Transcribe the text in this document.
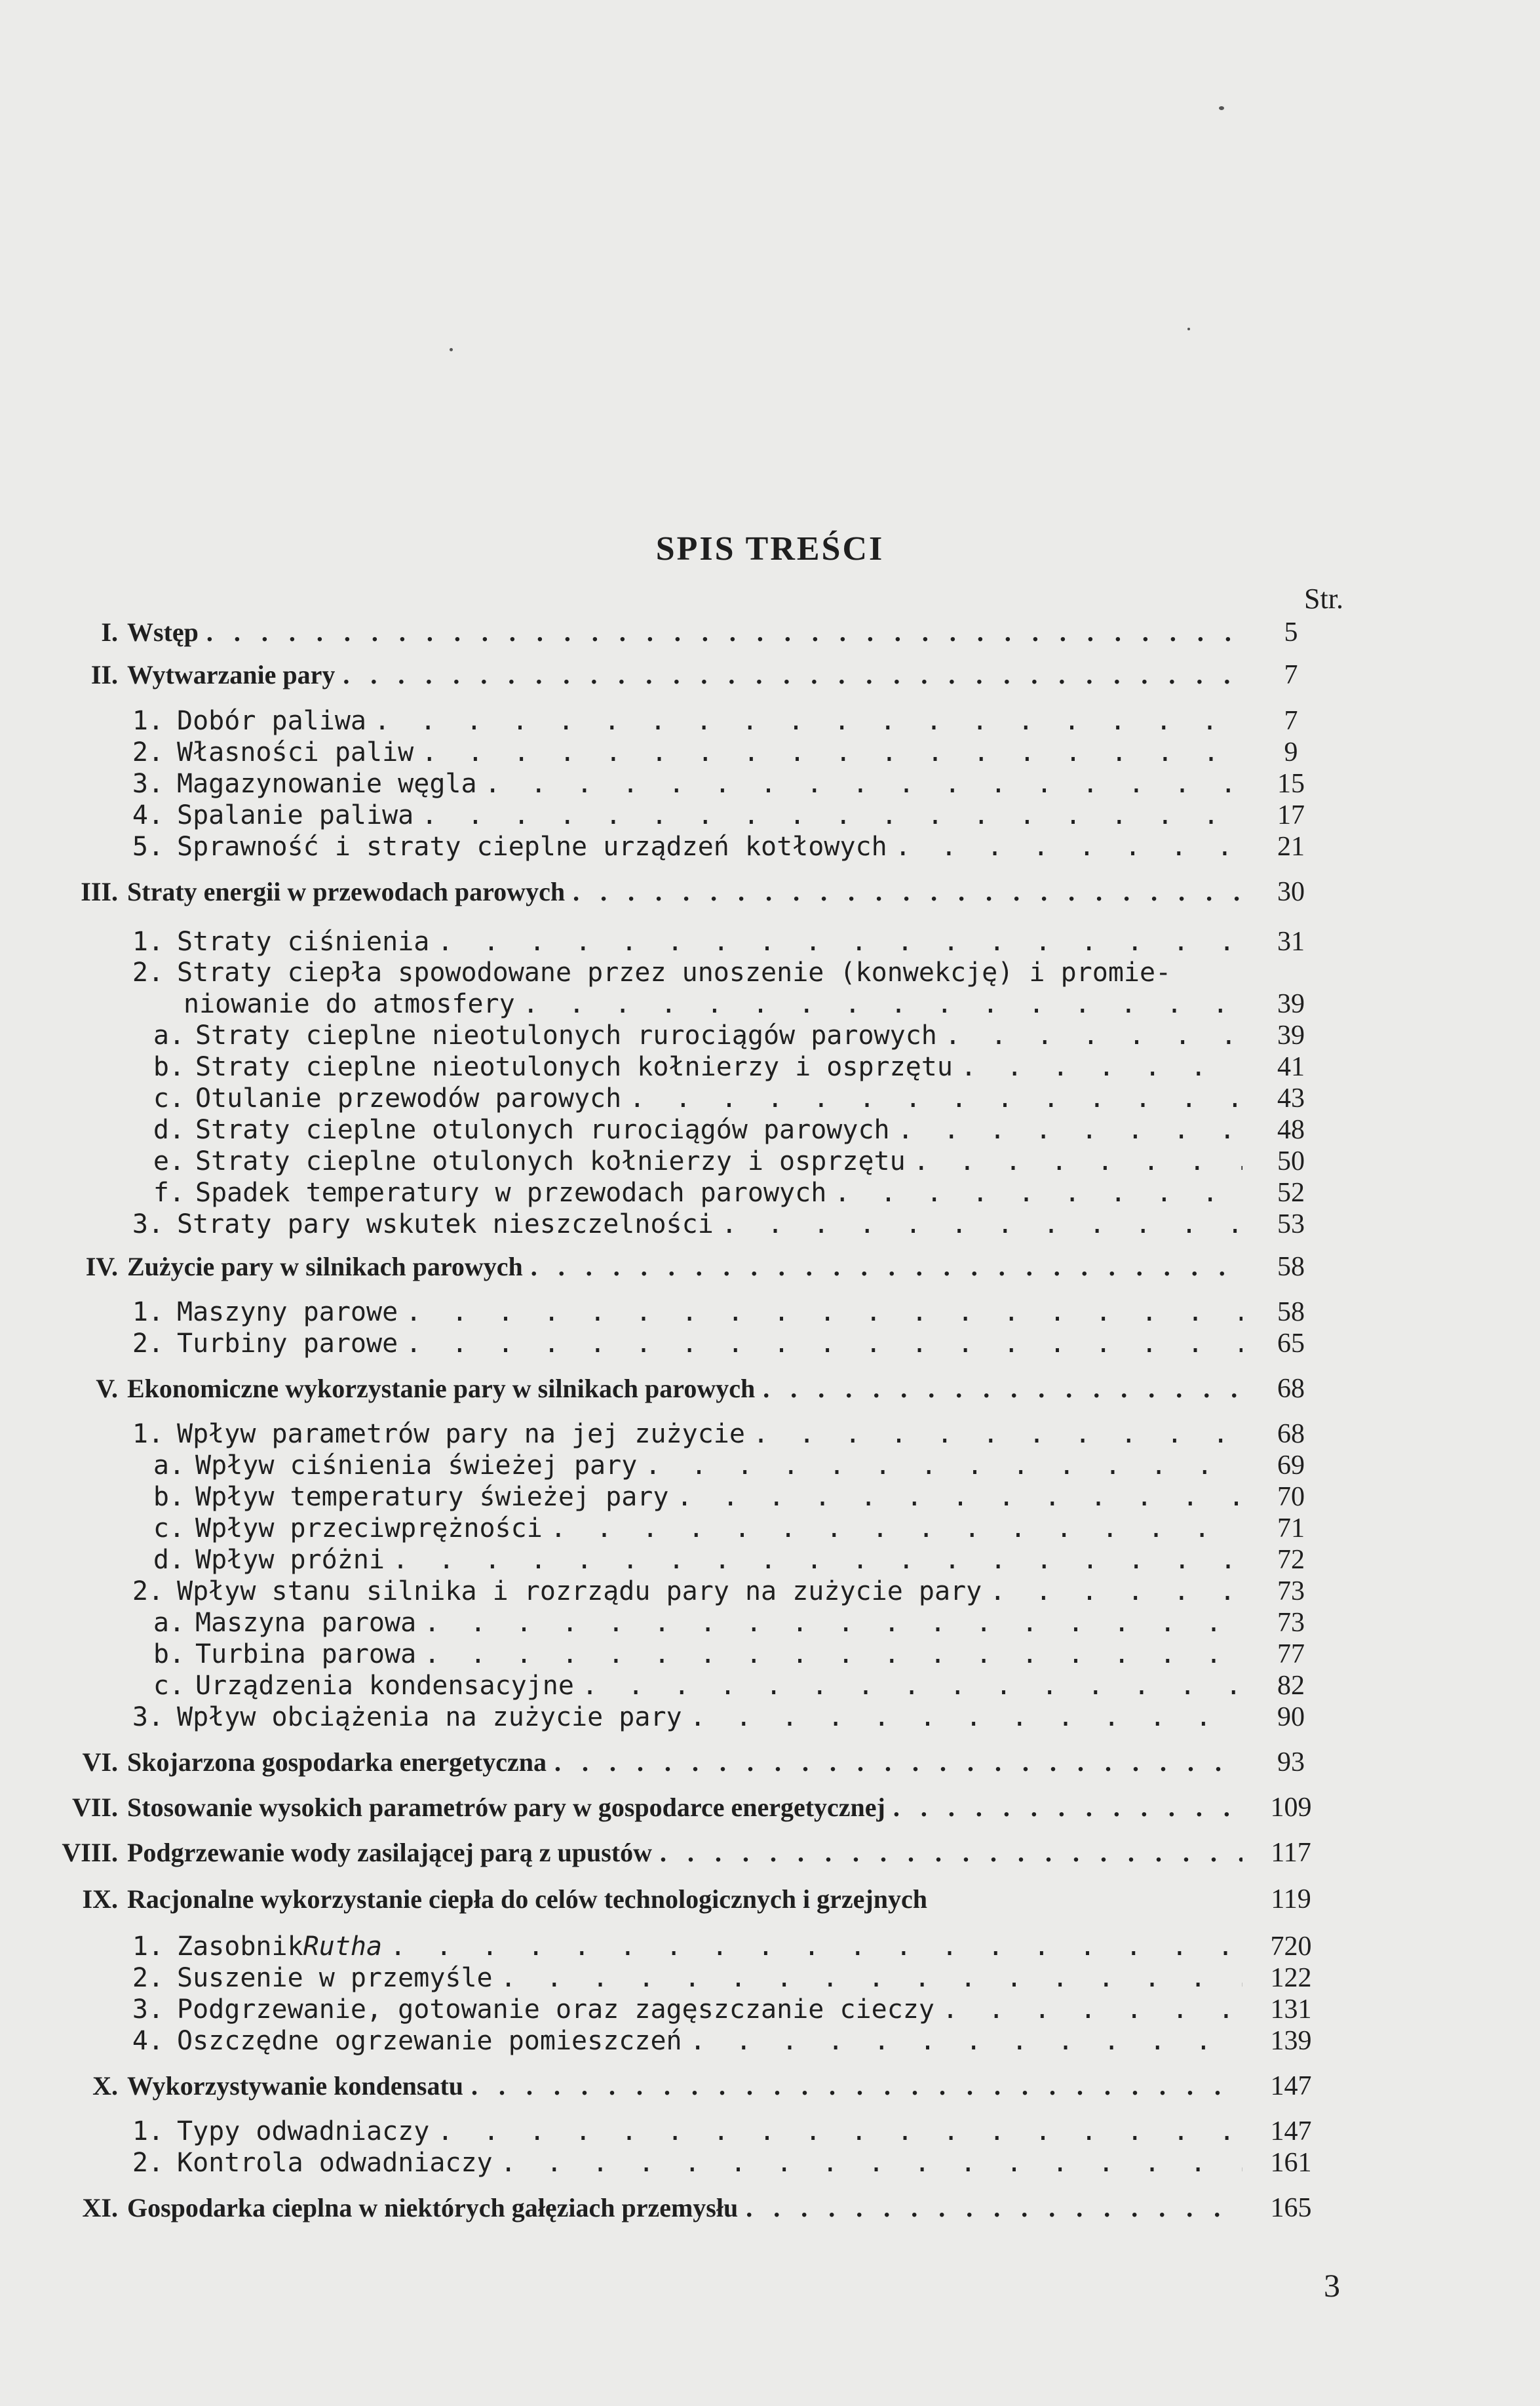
SPIS TREŚCI
Str.
I. Wstęp . . .	5
II. Wytwarzanie pary . . .	7
1. Dobór paliwa . . .	7
2. Własności paliw . . .	9
3. Magazynowanie węgla . . .	15
4. Spalanie paliwa . . .	17
5. Sprawność i straty cieplne urządzeń kotłowych . . .	21
III. Straty energii w przewodach parowych . . .	30
1. Straty ciśnienia . . .	31
2. Straty ciepła spowodowane przez unoszenie (konwekcję) i promie-
niowanie do atmosfery . . .	39
a. Straty cieplne nieotulonych rurociągów parowych . . .	39
b. Straty cieplne nieotulonych kołnierzy i osprzętu . . .	41
c. Otulanie przewodów parowych . . .	43
d. Straty cieplne otulonych rurociągów parowych . . .	48
e. Straty cieplne otulonych kołnierzy i osprzętu . . .	50
f. Spadek temperatury w przewodach parowych . . .	52
3. Straty pary wskutek nieszczelności . . .	53
IV. Zużycie pary w silnikach parowych . . .	58
1. Maszyny parowe . . .	58
2. Turbiny parowe . . .	65
V. Ekonomiczne wykorzystanie pary w silnikach parowych . . .	68
1. Wpływ parametrów pary na jej zużycie . . .	68
a. Wpływ ciśnienia świeżej pary . . .	69
b. Wpływ temperatury świeżej pary . . .	70
c. Wpływ przeciwprężności . . .	71
d. Wpływ próżni . . .	72
2. Wpływ stanu silnika i rozrządu pary na zużycie pary . . .	73
a. Maszyna parowa . . .	73
b. Turbina parowa . . .	77
c. Urządzenia kondensacyjne . . .	82
3. Wpływ obciążenia na zużycie pary . . .	90
VI. Skojarzona gospodarka energetyczna . . .	93
VII. Stosowanie wysokich parametrów pary w gospodarce energetycznej . . .	109
VIII. Podgrzewanie wody zasilającej parą z upustów . . .	117
IX. Racjonalne wykorzystanie ciepła do celów technologicznych i grzejnych	119
1. Zasobnik Rutha . . .	720
2. Suszenie w przemyśle . . .	122
3. Podgrzewanie, gotowanie oraz zagęszczanie cieczy . . .	131
4. Oszczędne ogrzewanie pomieszczeń . . .	139
X. Wykorzystywanie kondensatu . . .	147
1. Typy odwadniaczy . . .	147
2. Kontrola odwadniaczy . . .	161
XI. Gospodarka cieplna w niektórych gałęziach przemysłu . . .	165
3
